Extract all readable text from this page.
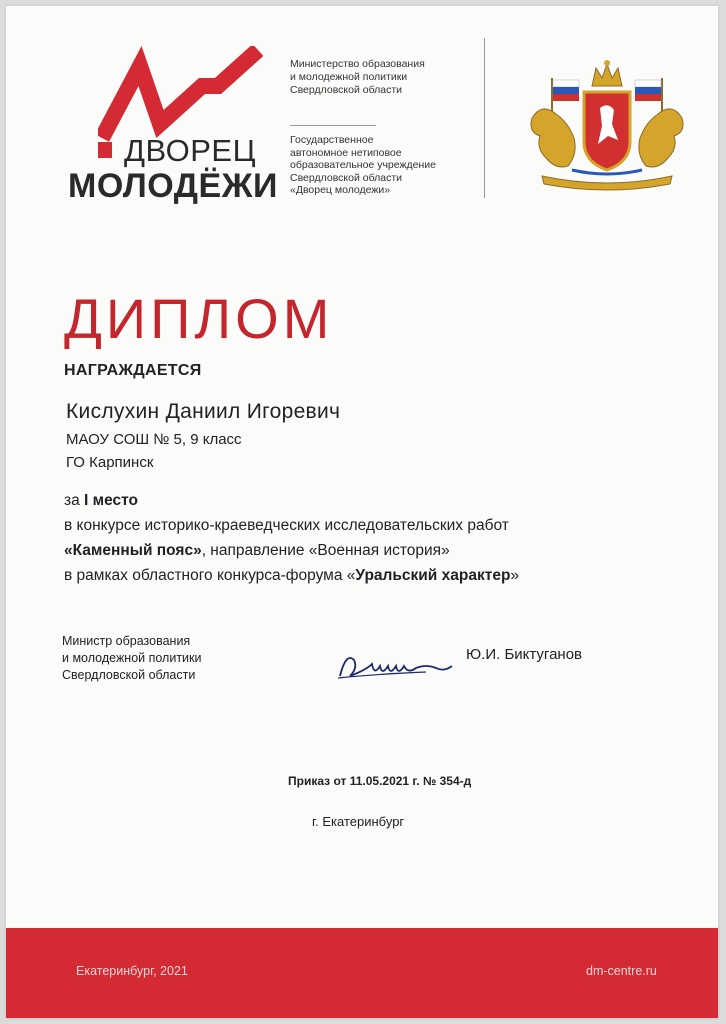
ДВОРЕЦ
МОЛОДЁЖИ
Министерство образования
и молодежной политики
Свердловской области
Государственное
автономное нетиповое
образовательное учреждение
Свердловской области
«Дворец молодежи»
ДИПЛОМ
НАГРАЖДАЕТСЯ
Кислухин Даниил Игоревич
МАОУ СОШ № 5, 9 класс
ГО Карпинск
за I место
в конкурсе историко-краеведческих исследовательских работ
«Каменный пояс», направление «Военная история»
в рамках областного конкурса-форума «Уральский характер»
Министр образования
и молодежной политики
Свердловской области
Ю.И. Биктуганов
Приказ от 11.05.2021 г. № 354-д
г. Екатеринбург
Екатеринбург, 2021	dm-centre.ru
